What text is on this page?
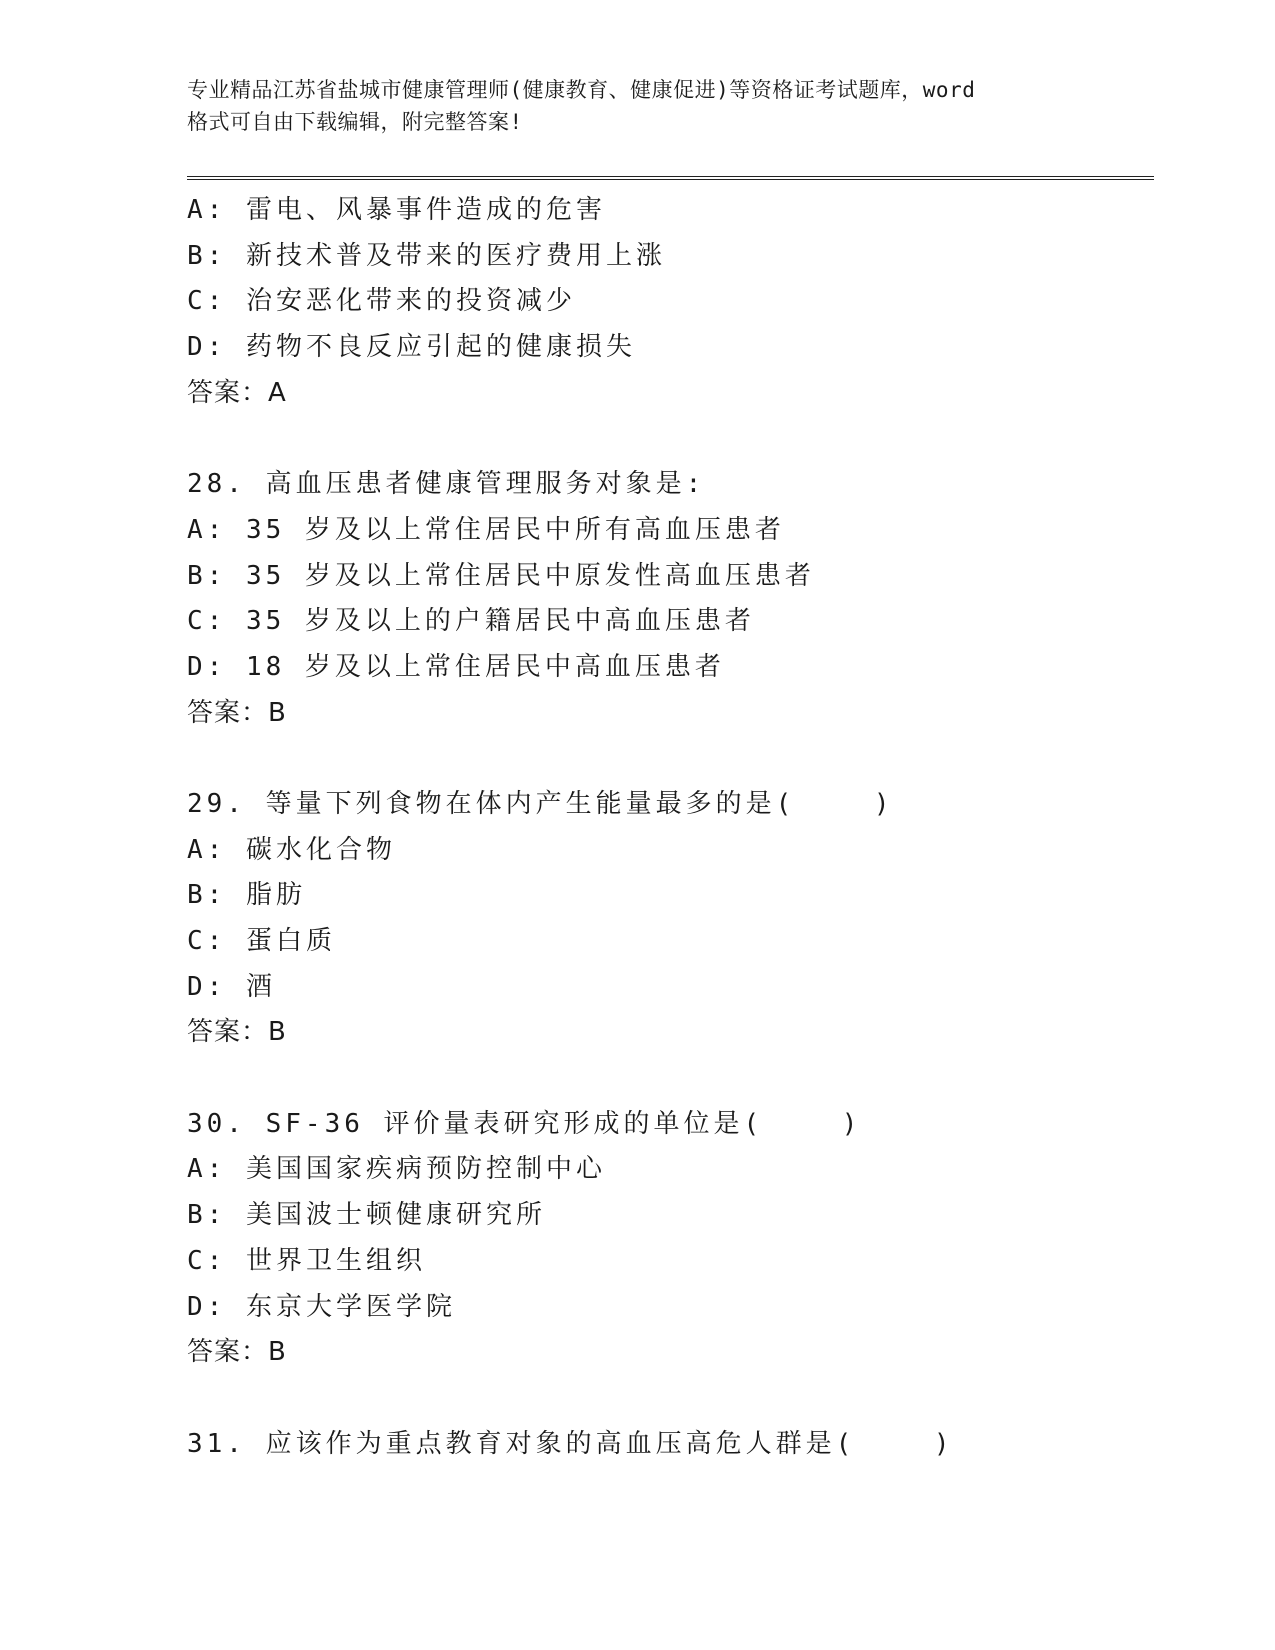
专业精品江苏省盐城市健康管理师(健康教育、健康促进)等资格证考试题库，word
格式可自由下载编辑，附完整答案!
A: 雷电、风暴事件造成的危害
B: 新技术普及带来的医疗费用上涨
C: 治安恶化带来的投资减少
D: 药物不良反应引起的健康损失
答案：A
28. 高血压患者健康管理服务对象是:
A: 35 岁及以上常住居民中所有高血压患者
B: 35 岁及以上常住居民中原发性高血压患者
C: 35 岁及以上的户籍居民中高血压患者
D: 18 岁及以上常住居民中高血压患者
答案：B
29. 等量下列食物在体内产生能量最多的是(    )
A: 碳水化合物
B: 脂肪
C: 蛋白质
D: 酒
答案：B
30. SF-36 评价量表研究形成的单位是(    )
A: 美国国家疾病预防控制中心
B: 美国波士顿健康研究所
C: 世界卫生组织
D: 东京大学医学院
答案：B
31. 应该作为重点教育对象的高血压高危人群是(    )
